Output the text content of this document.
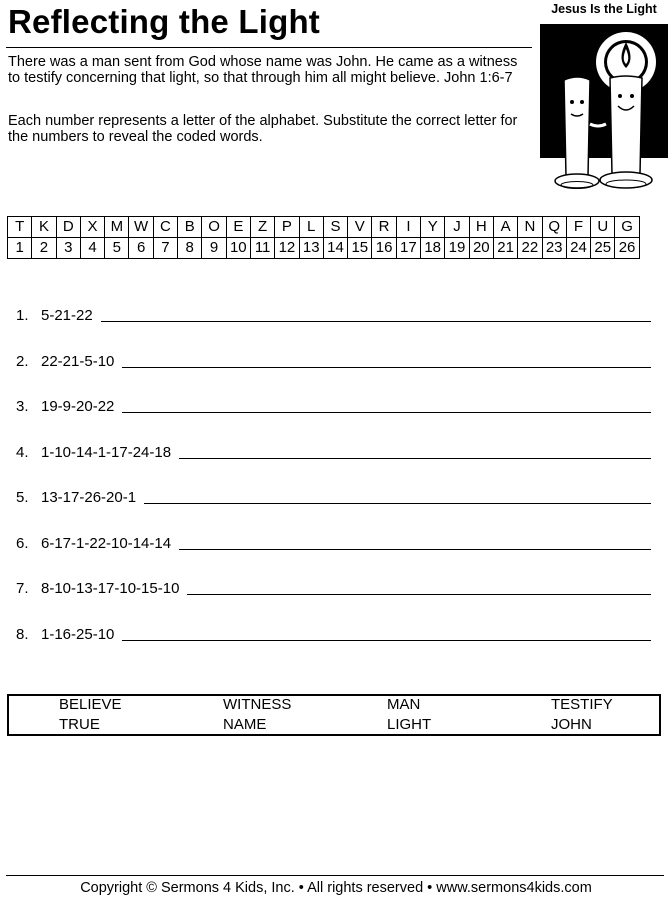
Reflecting the Light
There was a man sent from God whose name was John. He came as a witness to testify concerning that light, so that through him all might believe. John 1:6-7
Each number represents a letter of the alphabet. Substitute the correct letter for the numbers to reveal the coded words.
Jesus Is the Light
T	K	D	X	M	W	C	B	O	E	Z	P	L	S	V	R	I	Y	J	H	A	N	Q	F	U	G
1	2	3	4	5	6	7	8	9	10	11	12	13	14	15	16	17	18	19	20	21	22	23	24	25	26
1. 5-21-22
2. 22-21-5-10
3. 19-9-20-22
4. 1-10-14-1-17-24-18
5. 13-17-26-20-1
6. 6-17-1-22-10-14-14
7. 8-10-13-17-10-15-10
8. 1-16-25-10
BELIEVE	WITNESS	MAN	TESTIFY
TRUE	NAME	LIGHT	JOHN
Copyright © Sermons 4 Kids, Inc. • All rights reserved • www.sermons4kids.com
